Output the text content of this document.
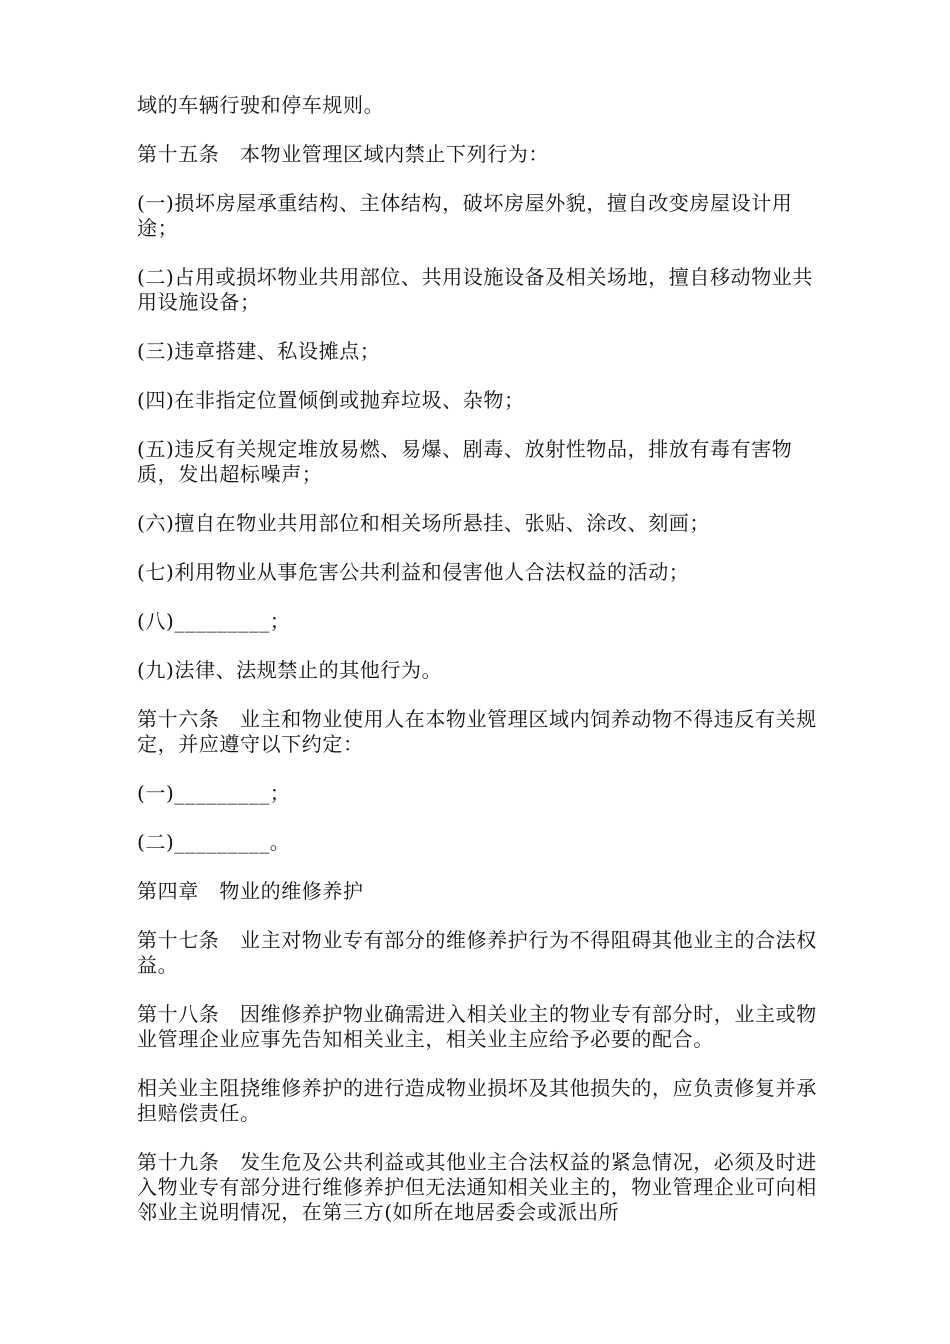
域的车辆行驶和停车规则。

第十五条　本物业管理区域内禁止下列行为：

(一)损坏房屋承重结构、主体结构，破坏房屋外貌，擅自改变房屋设计用途；

(二)占用或损坏物业共用部位、共用设施设备及相关场地，擅自移动物业共用设施设备；

(三)违章搭建、私设摊点；

(四)在非指定位置倾倒或抛弃垃圾、杂物；

(五)违反有关规定堆放易燃、易爆、剧毒、放射性物品，排放有毒有害物质，发出超标噪声；

(六)擅自在物业共用部位和相关场所悬挂、张贴、涂改、刻画；

(七)利用物业从事危害公共利益和侵害他人合法权益的活动；

(八)_________；

(九)法律、法规禁止的其他行为。

第十六条　业主和物业使用人在本物业管理区域内饲养动物不得违反有关规定，并应遵守以下约定：

(一)_________；

(二)_________。

第四章　物业的维修养护

第十七条　业主对物业专有部分的维修养护行为不得阻碍其他业主的合法权益。

第十八条　因维修养护物业确需进入相关业主的物业专有部分时，业主或物业管理企业应事先告知相关业主，相关业主应给予必要的配合。

相关业主阻挠维修养护的进行造成物业损坏及其他损失的，应负责修复并承担赔偿责任。

第十九条　发生危及公共利益或其他业主合法权益的紧急情况，必须及时进入物业专有部分进行维修养护但无法通知相关业主的，物业管理企业可向相邻业主说明情况，在第三方(如所在地居委会或派出所
